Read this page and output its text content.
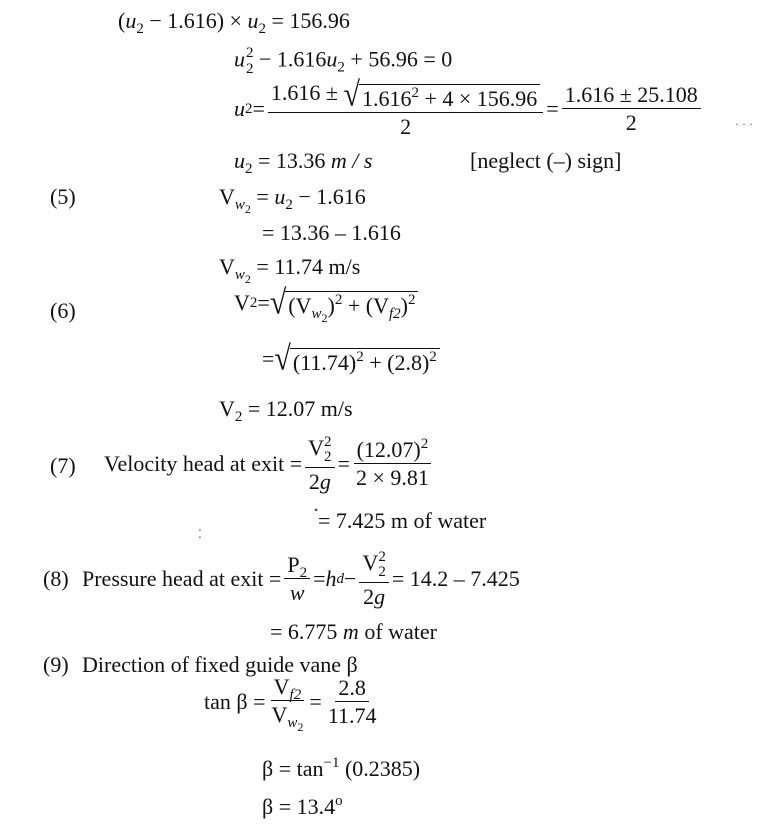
$(u_2 - 1.616) \times u_2 = 156.96$
u 2
$2 - 1.616u_2 + 56.96 = 0$
u $2 = \frac{1.616 \pm √ 1.616^2 + 4 \times 156.96}{2} = \frac{1.616 \pm 25.108}{2}$	· · ·
$u_2 = 13.36$ m / s	[neglect (–) sign]
(5)	$V_{w_2} = u_2 - 1.616$
= 13.36 – 1.616
$V_{w_2} = 11.74$ m/s
(6)	V 2 = √ $(V_{w_2})^2 + (V_{f2})^2$
= √ $(11.74)^2 + (2.8)^2$
$V_2 = 12.07$ m/s
(7) Velocity head at exit = V 2
2
$2g = \frac{(12.07)^2}{2 \times 9.81}$
= 7.425 m of water
•
⁚
(8) Pressure head at exit = $\frac{P_2}{w} = h$ d − V 2
2
2g = 14.2 – 7.425
= 6.775 m of water
(9) Direction of fixed guide vane β
$\tan \beta = \frac{V_{f2}}{V_{w_2}} = \frac{2.8}{11.74}$
$\beta = \tan^{-1} (0.2385)$
$\beta = 13.4^o$
